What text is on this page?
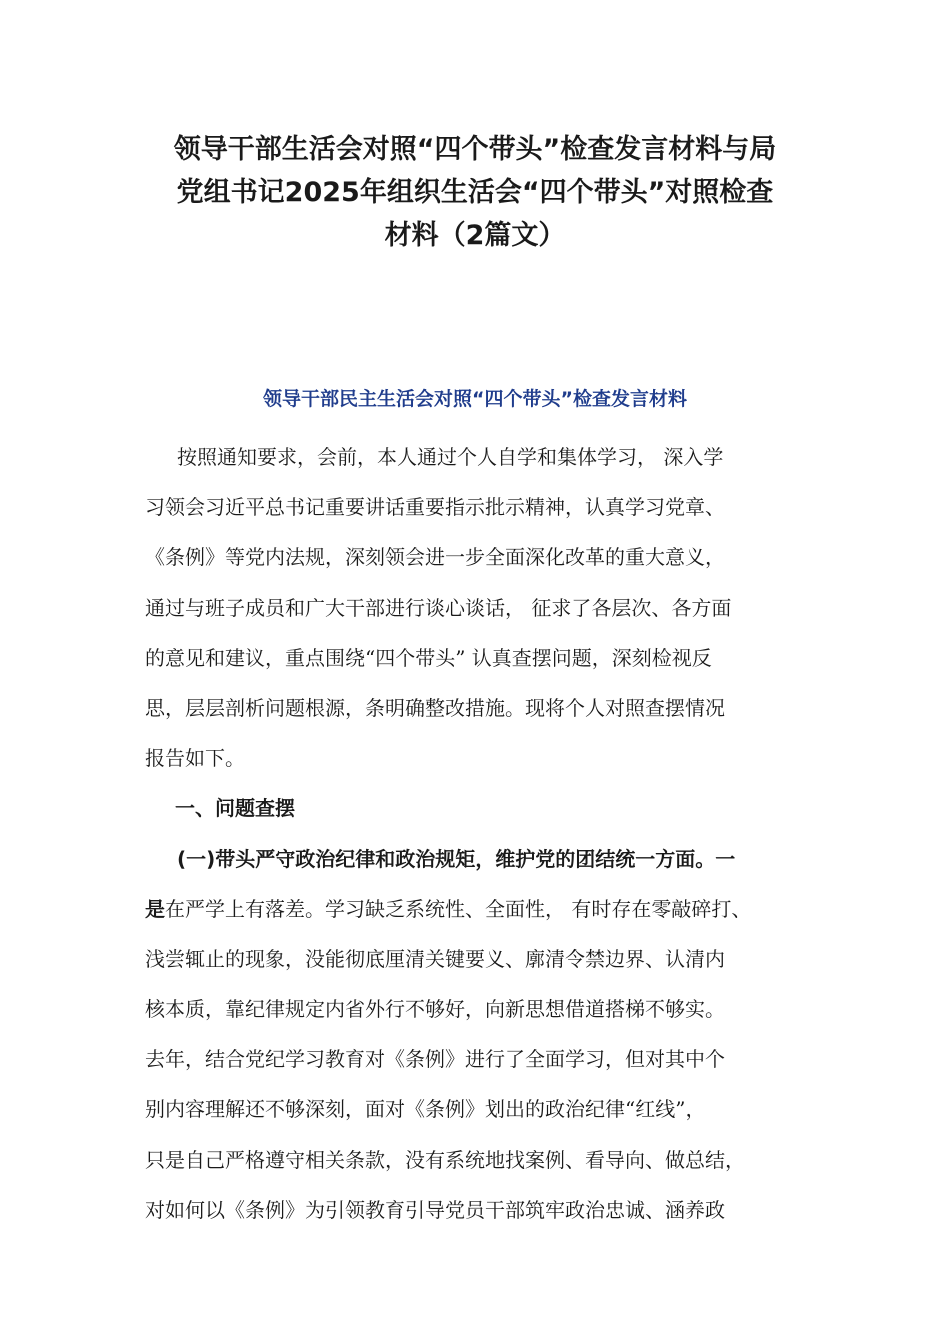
领导干部生活会对照“四个带头”检查发言材料与局
党组书记2025年组织生活会“四个带头”对照检查
材料（2篇文）
领导干部民主生活会对照“四个带头”检查发言材料
按照通知要求，会前，本人通过个人自学和集体学习， 深入学
习领会习近平总书记重要讲话重要指示批示精神，认真学习党章、
《条例》等党内法规，深刻领会进一步全面深化改革的重大意义，
通过与班子成员和广大干部进行谈心谈话， 征求了各层次、各方面
的意见和建议，重点围绕“四个带头” 认真查摆问题，深刻检视反
思，层层剖析问题根源，条明确整改措施。现将个人对照查摆情况
报告如下。
一、问题查摆
(一)带头严守政治纪律和政治规矩，维护党的团结统一方面。一
是在严学上有落差。学习缺乏系统性、全面性， 有时存在零敲碎打、
浅尝辄止的现象，没能彻底厘清关键要义、廓清令禁边界、认清内
核本质，靠纪律规定内省外行不够好，向新思想借道搭梯不够实。
去年，结合党纪学习教育对《条例》进行了全面学习，但对其中个
别内容理解还不够深刻，面对《条例》划出的政治纪律“红线”，
只是自己严格遵守相关条款，没有系统地找案例、看导向、做总结，
对如何以《条例》为引领教育引导党员干部筑牢政治忠诚、涵养政
